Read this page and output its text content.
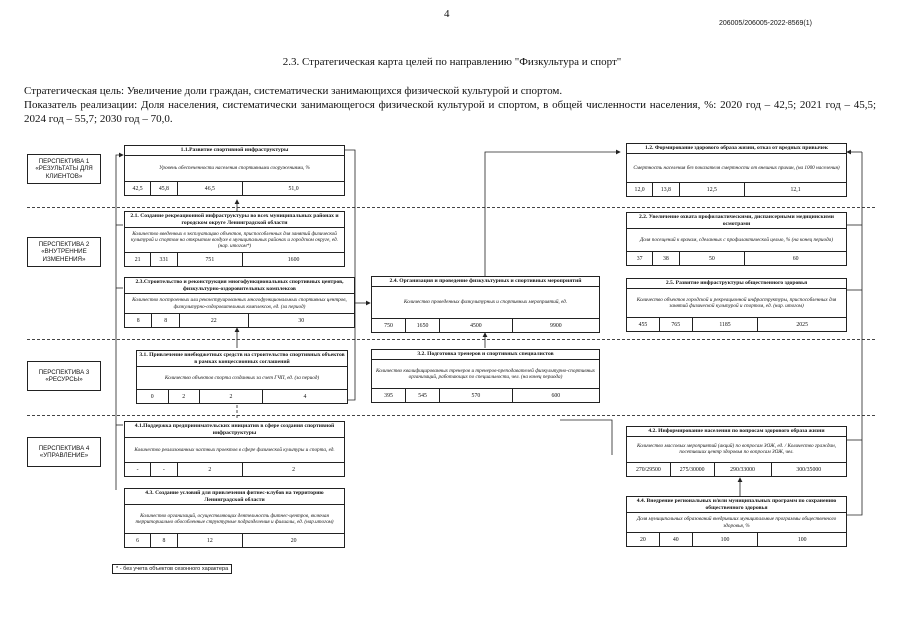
4
206005/206005-2022-8569(1)
2.3. Стратегическая карта целей по направлению "Физкультура и спорт"
Стратегическая цель: Увеличение доли граждан, систематически занимающихся физической культурой и спортом.
Показатель реализации: Доля населения, систематически занимающегося физической культурой и спортом, в общей численности населения, %: 2020 год – 42,5; 2021 год – 45,5; 2024 год – 55,7; 2030 год – 70,0.
ПЕРСПЕКТИВА 1 «РЕЗУЛЬТАТЫ ДЛЯ КЛИЕНТОВ»
ПЕРСПЕКТИВА 2 «ВНУТРЕННИЕ ИЗМЕНЕНИЯ»
ПЕРСПЕКТИВА 3 «РЕСУРСЫ»
ПЕРСПЕКТИВА 4 «УПРАВЛЕНИЕ»
1.1.Развитие спортивной инфраструктуры
Уровень обеспеченности населения спортивными сооружениями, %
42,5	45,8	46,5	51,0
1.2. Формирование здорового образа жизни, отказ от вредных привычек
Смертность населения без показателя смертности от внешних причин, (на 1000 населения)
12,0	13,8	12,5	12,1
2.1. Создание рекреационной инфраструктуры во всех муниципальных районах и городском округе Ленинградской области
Количество введенных в эксплуатацию объектов, приспособленных для занятий физической культурой и спортом на открытом воздухе в муниципальных районах и городском округе, ед. (нар. итогом*)
21	331	751	1600
2.2. Увеличение охвата профилактическими, диспансерными медицинскими осмотрами
Доля посещений к врачам, сделанных с профилактической целью, % (на конец периода)
37	38	50	60
2.3.Строительство и реконструкция многофункциональных спортивных центров, физкультурно-оздоровительных комплексов
Количество построенных или реконструированных многофункциональных спортивных центров, физкультурно-оздоровительных комплексов, ед. (за период)
8	8	22	30
2.4. Организация и проведение физкультурных и спортивных мероприятий
Количество проведенных физкультурных и спортивных мероприятий, ед.
750	1650	4500	9900
2.5. Развитие инфраструктуры общественного здоровья
Количество объектов городской и рекреационной инфраструктуры, приспособленных для занятий физической культурой и спортом, ед. (нар. итогом)
455	765	1185	2025
3.1. Привлечение внебюджетных средств на строительство спортивных объектов в рамках концессионных соглашений
Количество объектов спорта созданных за счет ГЧП, ед. (за период)
0	2	2	4
3.2. Подготовка тренеров и спортивных специалистов
Количество квалифицированных тренеров и тренеров-преподавателей физкультурно-спортивных организаций, работающих по специальности, чел. (на конец периода)
395	545	570	600
4.1.Поддержка предпринимательских инициатив в сфере создания спортивной инфраструктуры
Количество реализованных частных проектов в сфере физической культуры и спорта, ед.
-	-	2	2
4.2. Информирование населения по вопросам здорового образа жизни
Количество массовых мероприятий (акций) по вопросам ЗОЖ, ед. / Количество граждан, посетивших центр здоровья по вопросам ЗОЖ, чел.
270/29500	275/30000	290/33000	300/35000
4.3. Создание условий для привлечения фитнес-клубов на территорию Ленинградской области
Количество организаций, осуществляющих деятельность фитнес-центров, включая территориально обособленные структурные подразделения и филиалы, ед. (нар.итогом)
6	8	12	20
4.4. Внедрение региональных и/или муниципальных программ по сохранению общественного здоровья
Доля муниципальных образований внедривших муниципальные программы общественного здоровья, %
20	40	100	100
* - без учета объектов сезонного характера
